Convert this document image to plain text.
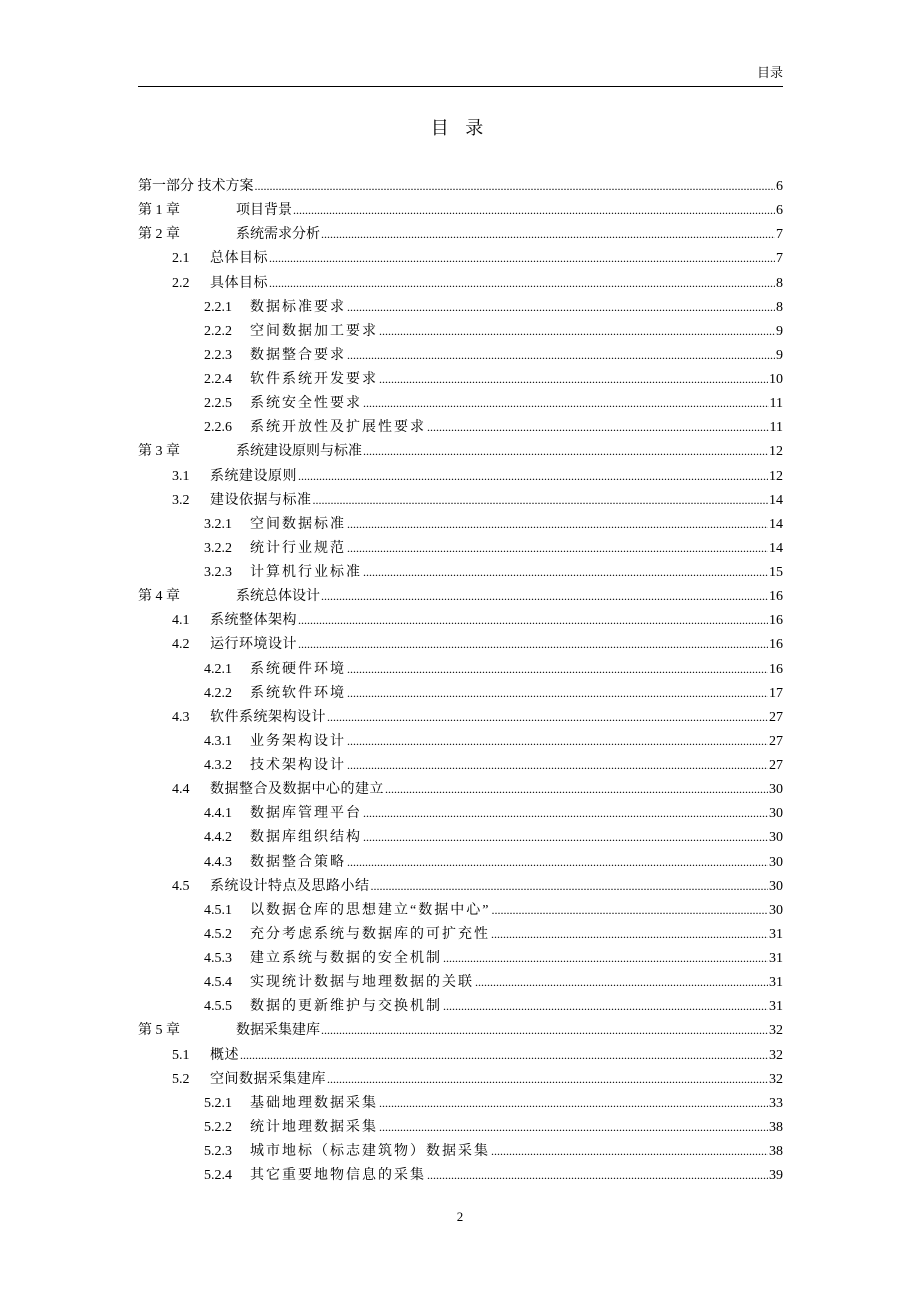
目录
目 录
第一部分 技术方案 .....	6
第 1 章	项目背景 .....	6
第 2 章	系统需求分析 .....	7
2.1	总体目标 .....	7
2.2	具体目标 .....	8
2.2.1	数据标准要求 .....	8
2.2.2	空间数据加工要求 .....	9
2.2.3	数据整合要求 .....	9
2.2.4	软件系统开发要求 .....	10
2.2.5	系统安全性要求 .....	11
2.2.6	系统开放性及扩展性要求 .....	11
第 3 章	系统建设原则与标准 .....	12
3.1	系统建设原则 .....	12
3.2	建设依据与标准 .....	14
3.2.1	空间数据标准 .....	14
3.2.2	统计行业规范 .....	14
3.2.3	计算机行业标准 .....	15
第 4 章	系统总体设计 .....	16
4.1	系统整体架构 .....	16
4.2	运行环境设计 .....	16
4.2.1	系统硬件环境 .....	16
4.2.2	系统软件环境 .....	17
4.3	软件系统架构设计 .....	27
4.3.1	业务架构设计 .....	27
4.3.2	技术架构设计 .....	27
4.4	数据整合及数据中心的建立 .....	30
4.4.1	数据库管理平台 .....	30
4.4.2	数据库组织结构 .....	30
4.4.3	数据整合策略 .....	30
4.5	系统设计特点及思路小结 .....	30
4.5.1	以数据仓库的思想建立“数据中心” .....	30
4.5.2	充分考虑系统与数据库的可扩充性 .....	31
4.5.3	建立系统与数据的安全机制 .....	31
4.5.4	实现统计数据与地理数据的关联 .....	31
4.5.5	数据的更新维护与交换机制 .....	31
第 5 章	数据采集建库 .....	32
5.1	概述 .....	32
5.2	空间数据采集建库 .....	32
5.2.1	基础地理数据采集 .....	33
5.2.2	统计地理数据采集 .....	38
5.2.3	城市地标（标志建筑物）数据采集 .....	38
5.2.4	其它重要地物信息的采集 .....	39
2
